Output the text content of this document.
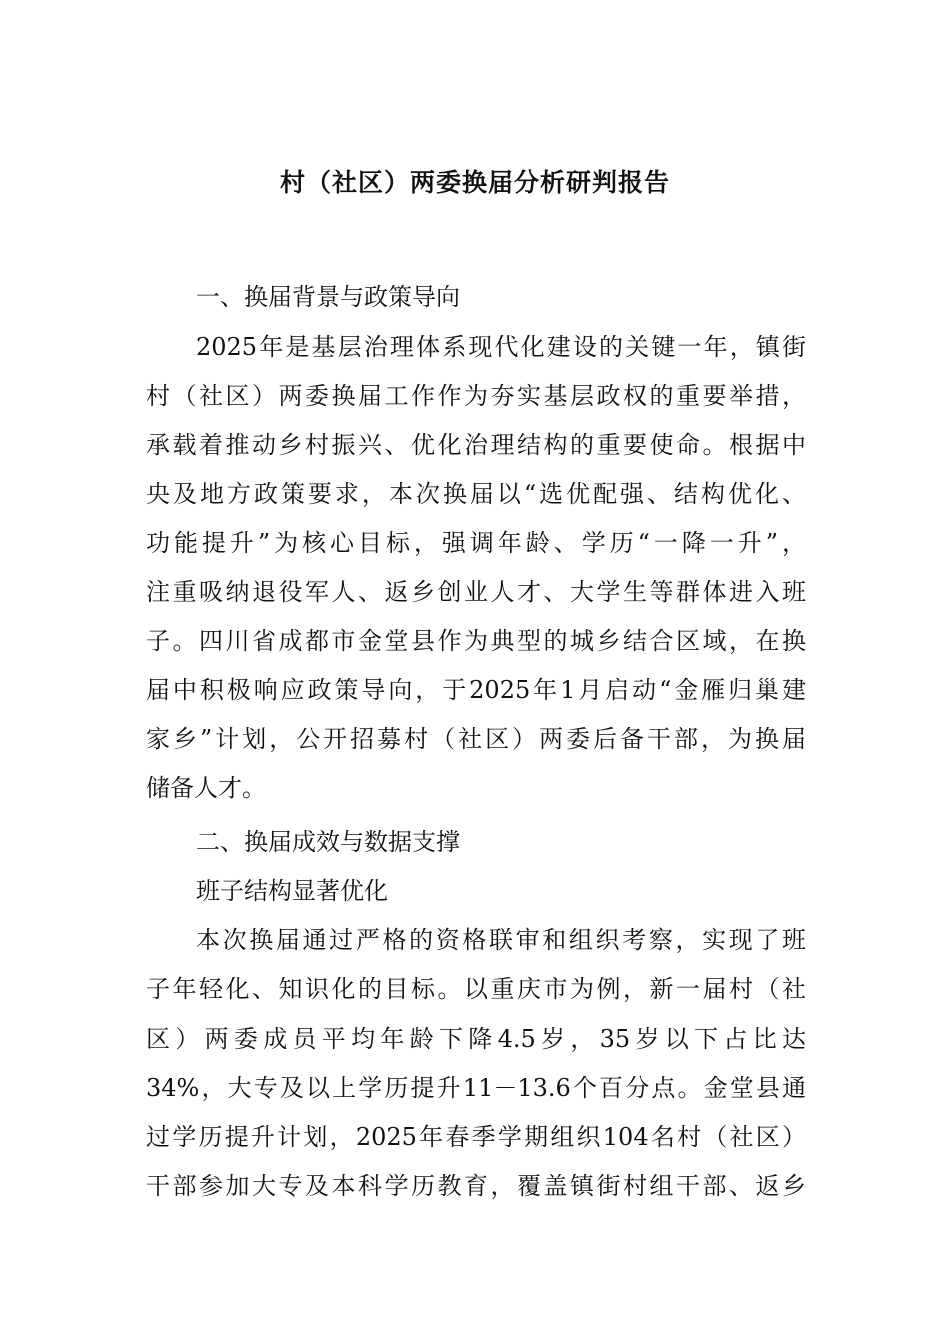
村（社区）两委换届分析研判报告
一、换届背景与政策导向
2025年是基层治理体系现代化建设的关键一年，镇街
村（社区）两委换届工作作为夯实基层政权的重要举措，
承载着推动乡村振兴、优化治理结构的重要使命。根据中
央及地方政策要求，本次换届以“选优配强、结构优化、
功能提升”为核心目标，强调年龄、学历“一降一升”，
注重吸纳退役军人、返乡创业人才、大学生等群体进入班
子。四川省成都市金堂县作为典型的城乡结合区域，在换
届中积极响应政策导向，于2025年1月启动“金雁归巢建
家乡”计划，公开招募村（社区）两委后备干部，为换届
储备人才。
二、换届成效与数据支撑
班子结构显著优化
本次换届通过严格的资格联审和组织考察，实现了班
子年轻化、知识化的目标。以重庆市为例，新一届村（社
区）两委成员平均年龄下降4.5岁，35岁以下占比达
34%，大专及以上学历提升11－13.6个百分点。金堂县通
过学历提升计划，2025年春季学期组织104名村（社区）
干部参加大专及本科学历教育，覆盖镇街村组干部、返乡
